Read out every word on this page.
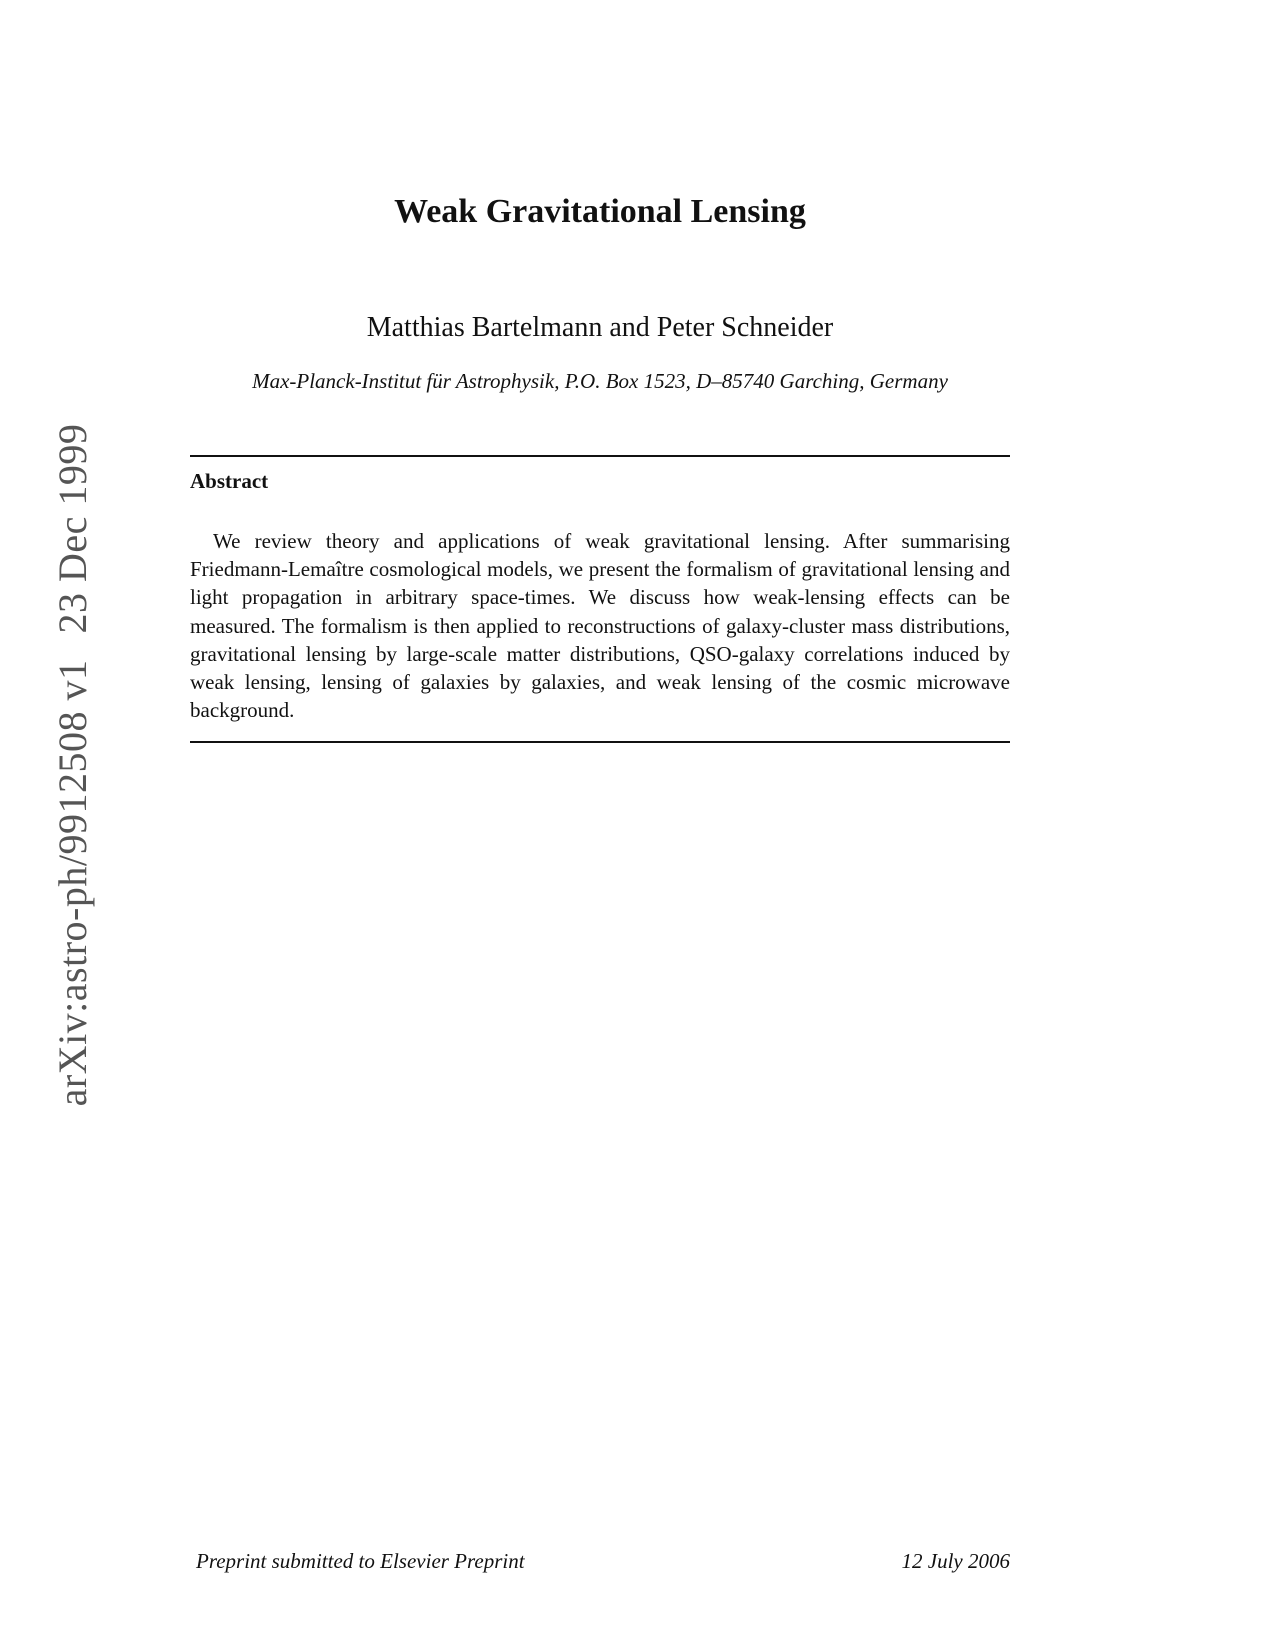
arXiv:astro-ph/9912508 v123 Dec 1999
Weak Gravitational Lensing
Matthias Bartelmann and Peter Schneider
Max-Planck-Institut für Astrophysik, P.O. Box 1523, D–85740 Garching, Germany
Abstract
We review theory and applications of weak gravitational lensing. After summarising Friedmann-Lemaître cosmological models, we present the formalism of gravitational lensing and light propagation in arbitrary space-times. We discuss how weak-lensing effects can be measured. The formalism is then applied to reconstructions of galaxy-cluster mass distributions, gravitational lensing by large-scale matter distributions, QSO-galaxy correlations induced by weak lensing, lensing of galaxies by galaxies, and weak lensing of the cosmic microwave background.
Preprint submitted to Elsevier Preprint	12 July 2006
